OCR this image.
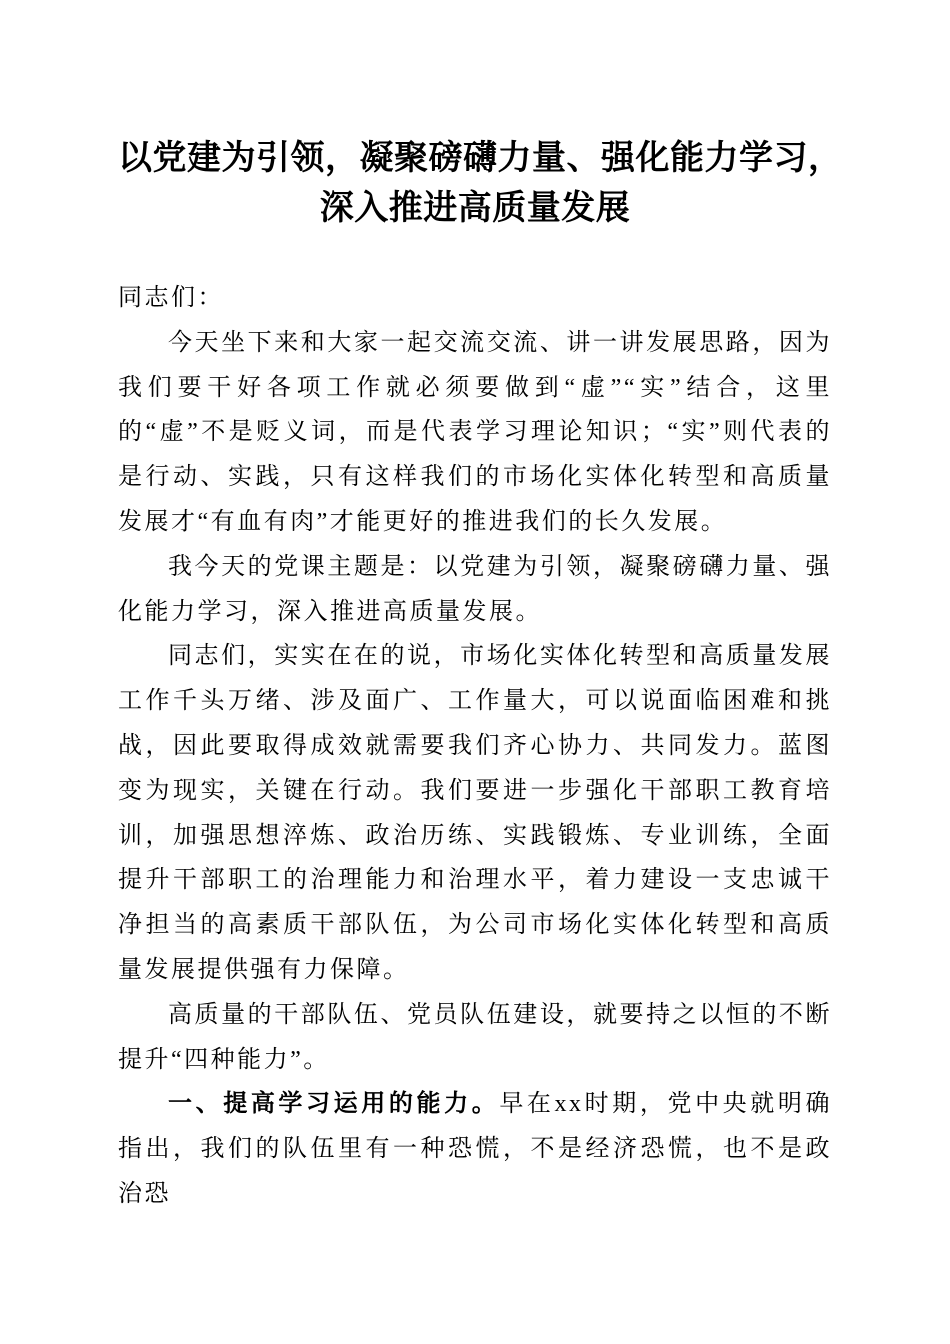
以党建为引领，凝聚磅礴力量、强化能力学习，
深入推进高质量发展

同志们：

今天坐下来和大家一起交流交流、讲一讲发展思路，因为我们要干好各项工作就必须要做到“虚”“实”结合，这里的“虚”不是贬义词，而是代表学习理论知识；“实”则代表的是行动、实践，只有这样我们的市场化实体化转型和高质量发展才“有血有肉”才能更好的推进我们的长久发展。

我今天的党课主题是：以党建为引领，凝聚磅礴力量、强化能力学习，深入推进高质量发展。

同志们，实实在在的说，市场化实体化转型和高质量发展工作千头万绪、涉及面广、工作量大，可以说面临困难和挑战，因此要取得成效就需要我们齐心协力、共同发力。蓝图变为现实，关键在行动。我们要进一步强化干部职工教育培训，加强思想淬炼、政治历练、实践锻炼、专业训练，全面提升干部职工的治理能力和治理水平，着力建设一支忠诚干净担当的高素质干部队伍，为公司市场化实体化转型和高质量发展提供强有力保障。

高质量的干部队伍、党员队伍建设，就要持之以恒的不断提升“四种能力”。

一、提高学习运用的能力。早在xx时期，党中央就明确指出，我们的队伍里有一种恐慌，不是经济恐慌，也不是政治恐
